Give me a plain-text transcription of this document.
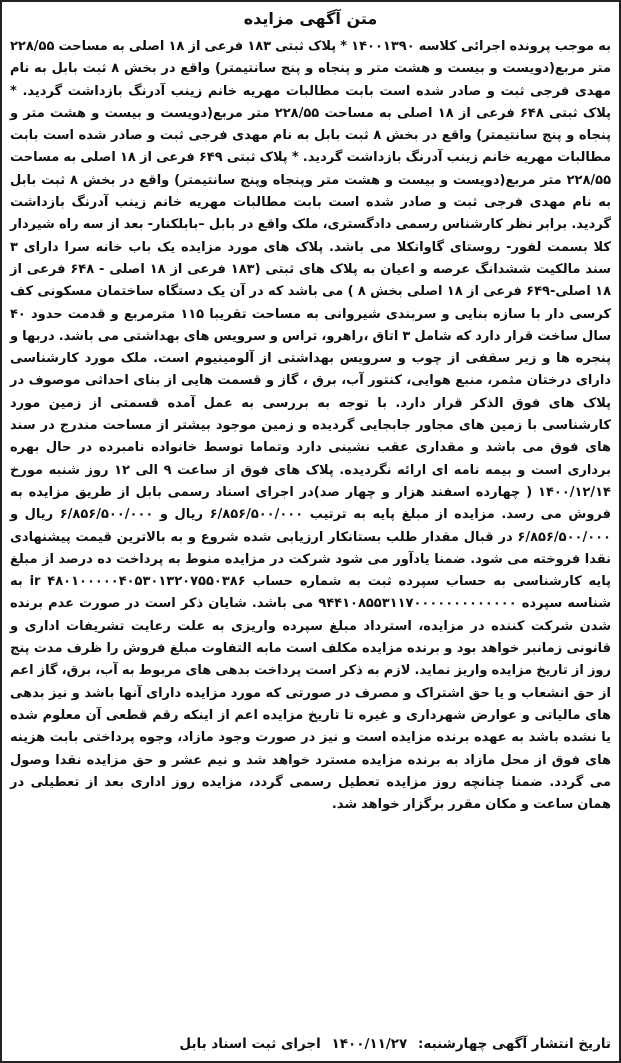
متن آگهی مزایده

به موجب پرونده اجرائی کلاسه ۱۴۰۰۱۳۹۰ * پلاک ثبتی ۱۸۳ فرعی از ۱۸ اصلی به مساحت ۲۲۸/۵۵ متر مربع(دویست و بیست و هشت متر و پنجاه و پنج سانتیمتر) واقع در بخش ۸ ثبت بابل به نام مهدی فرجی ثبت و صادر شده است بابت مطالبات مهریه خانم زینب آدرنگ بازداشت گردید. * پلاک ثبتی ۶۴۸ فرعی از ۱۸ اصلی به مساحت ۲۲۸/۵۵ متر مربع(دویست و بیست و هشت متر و پنجاه و پنج سانتیمتر) واقع در بخش ۸ ثبت بابل به نام مهدی فرجی ثبت و صادر شده است بابت مطالبات مهریه خانم زینب آدرنگ بازداشت گردید. * پلاک ثبتی ۶۴۹ فرعی از ۱۸ اصلی به مساحت ۲۲۸/۵۵ متر مربع(دویست و بیست و هشت متر وپنجاه وپنج سانتیمتر) واقع در بخش ۸ ثبت بابل به نام مهدی فرجی ثبت و صادر شده است بابت مطالبات مهریه خانم زینب آدرنگ بازداشت گردید. برابر نظر کارشناس رسمی دادگستری، ملک واقع در بابل –بابلکنار- بعد از سه راه شیردار کلا بسمت لفور- روستای گاوانکلا می باشد. پلاک های مورد مزایده یک باب خانه سرا دارای ۳ سند مالکیت ششدانگ عرصه و اعیان به پلاک های ثبتی (۱۸۳ فرعی از ۱۸ اصلی - ۶۴۸ فرعی از ۱۸ اصلی-۶۴۹ فرعی از ۱۸ اصلی بخش ۸ ) می باشد که در آن یک دستگاه ساختمان مسکونی کف کرسی دار با سازه بنایی و سربندی شیروانی به مساحت تقریبا ۱۱۵ مترمربع و قدمت حدود ۴۰ سال ساخت قرار دارد که شامل ۳ اتاق ،راهرو، تراس و سرویس های بهداشتی می باشد. دربها و پنجره ها و زیر سقفی از چوب و سرویس بهداشتی از آلومینیوم است. ملک مورد کارشناسی دارای درختان مثمر، منبع هوایی، کنتور آب، برق ، گاز و قسمت هایی از بنای احداثی موصوف در پلاک های فوق الذکر قرار دارد. با توجه به بررسی به عمل آمده قسمتی از زمین مورد کارشناسی با زمین های مجاور جابجایی گردیده و زمین موجود بیشتر از مساحت مندرج در سند های فوق می باشد و مقداری عقب نشینی دارد وتماما توسط خانواده نامبرده در حال بهره برداری است و بیمه نامه ای ارائه نگردیده. پلاک های فوق از ساعت ۹ الی ۱۲ روز شنبه مورخ ۱۴۰۰/۱۲/۱۴ ( چهارده اسفند هزار و چهار صد)در اجرای اسناد رسمی بابل از طریق مزایده به فروش می رسد. مزایده از مبلغ پایه به ترتیب ۶/۸۵۶/۵۰۰/۰۰۰ ریال و ۶/۸۵۶/۵۰۰/۰۰۰ ریال و ۶/۸۵۶/۵۰۰/۰۰۰ در قبال مقدار طلب بستانکار ارزیابی شده شروع و به بالاترین قیمت پیشنهادی نقدا فروخته می شود. ضمنا یادآور می شود شرکت در مزایده منوط به پرداخت ده درصد از مبلغ پایه کارشناسی به حساب سپرده ثبت به شماره حساب ir ۴۸۰۱۰۰۰۰۰۴۰۵۳۰۱۳۲۰۷۵۵۰۳۸۶ به شناسه سپرده ۹۴۴۱۰۸۵۵۳۱۱۷۰۰۰۰۰۰۰۰۰۰۰۰۰ می باشد. شایان ذکر است در صورت عدم برنده شدن شرکت کننده در مزایده، استرداد مبلغ سپرده واریزی به علت رعایت تشریفات اداری و قانونی زمانبر خواهد بود و برنده مزایده مکلف است مابه التفاوت مبلغ فروش را ظرف مدت پنج روز از تاریخ مزایده واریز نماید. لازم به ذکر است پرداخت بدهی های مربوط به آب، برق، گاز اعم از حق انشعاب و یا حق اشتراک و مصرف در صورتی که مورد مزایده دارای آنها باشد و نیز بدهی های مالیاتی و عوارض شهرداری و غیره تا تاریخ مزایده اعم از اینکه رقم قطعی آن معلوم شده یا نشده باشد به عهده برنده مزایده است و نیز در صورت وجود مازاد، وجوه پرداختی بابت هزینه های فوق از محل مازاد به برنده مزایده مسترد خواهد شد و نیم عشر و حق مزایده نقدا وصول می گردد. ضمنا چنانچه روز مزایده تعطیل رسمی گردد، مزایده روز اداری بعد از تعطیلی در همان ساعت و مکان مقرر برگزار خواهد شد.

تاریخ انتشار آگهی چهارشنبه: ۱۴۰۰/۱۱/۲۷ اجرای ثبت اسناد بابل
